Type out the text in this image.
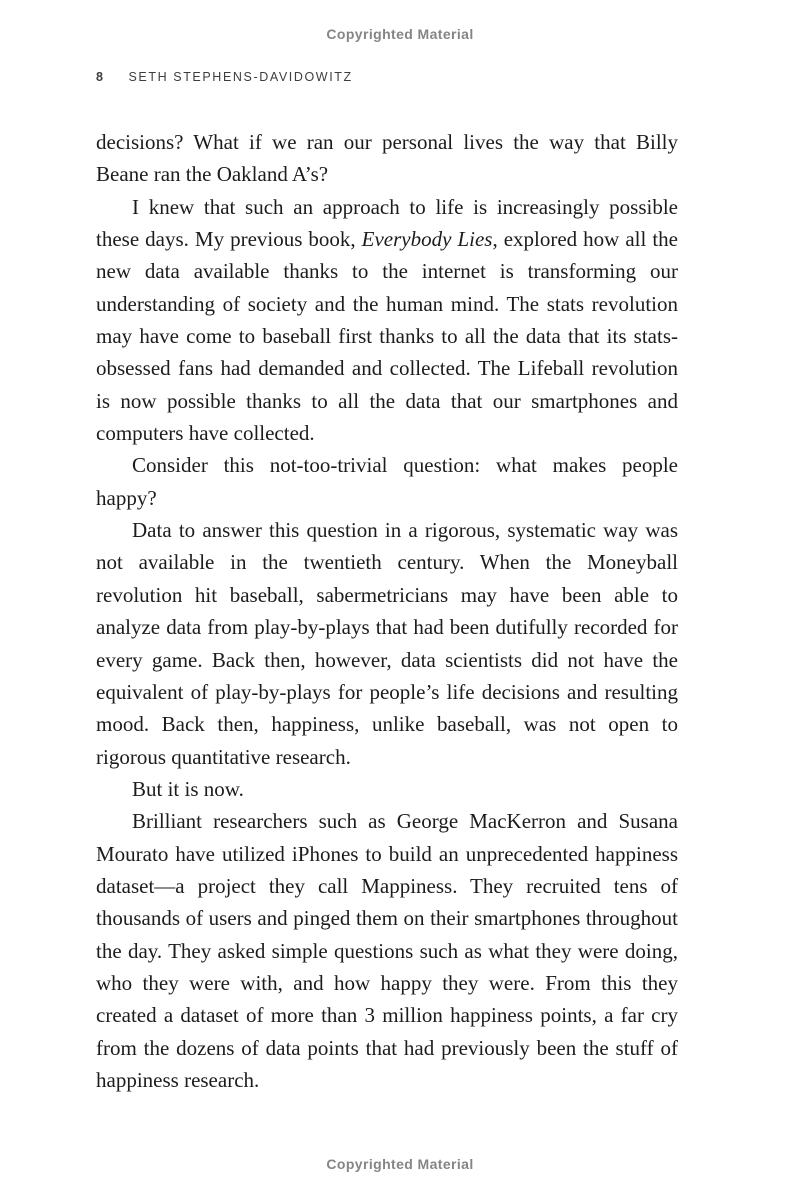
Copyrighted Material
8 SETH STEPHENS-DAVIDOWITZ

decisions? What if we ran our personal lives the way that Billy Beane ran the Oakland A’s?

I knew that such an approach to life is increasingly possible these days. My previous book, Everybody Lies, explored how all the new data available thanks to the internet is transforming our understanding of society and the human mind. The stats revolution may have come to baseball first thanks to all the data that its stats-obsessed fans had demanded and collected. The Lifeball revolution is now possible thanks to all the data that our smartphones and computers have collected.

Consider this not-too-trivial question: what makes people happy?

Data to answer this question in a rigorous, systematic way was not available in the twentieth century. When the Moneyball revolution hit baseball, sabermetricians may have been able to analyze data from play-by-plays that had been dutifully recorded for every game. Back then, however, data scientists did not have the equivalent of play-by-plays for people’s life decisions and resulting mood. Back then, happiness, unlike baseball, was not open to rigorous quantitative research.

But it is now.

Brilliant researchers such as George MacKerron and Susana Mourato have utilized iPhones to build an unprecedented happiness dataset—a project they call Mappiness. They recruited tens of thousands of users and pinged them on their smartphones throughout the day. They asked simple questions such as what they were doing, who they were with, and how happy they were. From this they created a dataset of more than 3 million happiness points, a far cry from the dozens of data points that had previously been the stuff of happiness research.

Copyrighted Material
